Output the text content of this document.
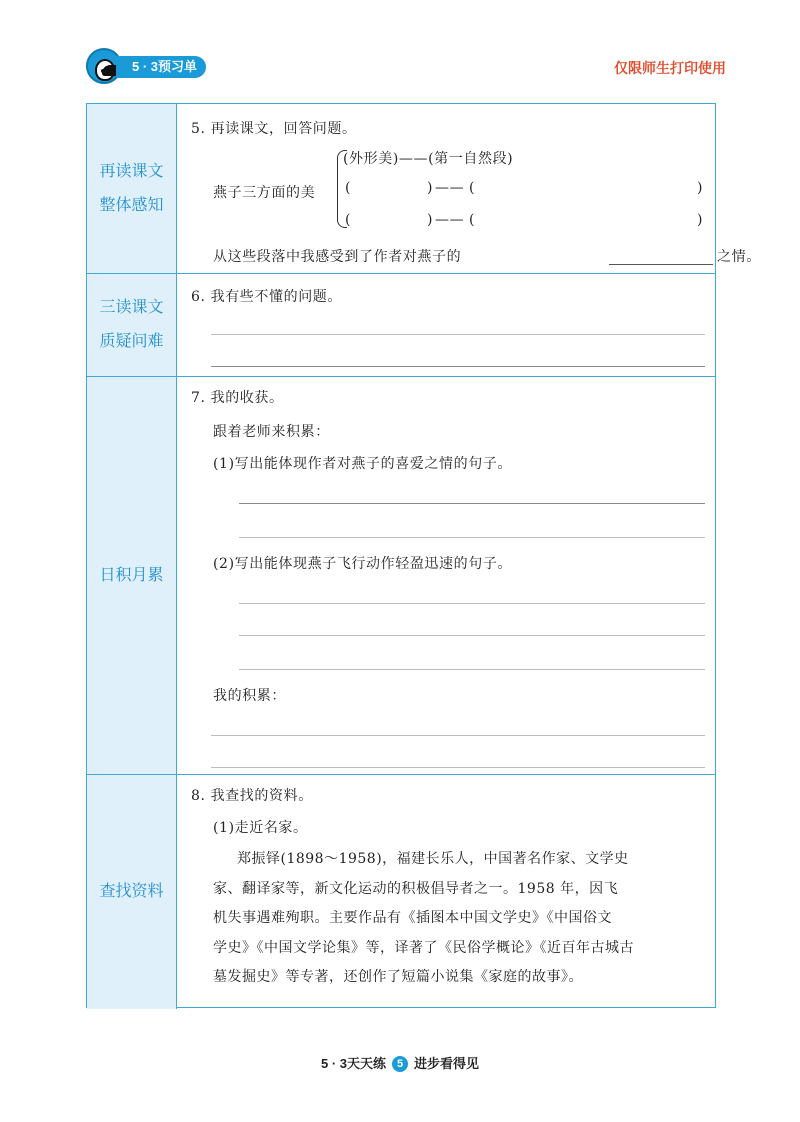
5 · 3预习单	仅限师生打印使用
再读课文
整体感知
5. 再读课文，回答问题。
燕子三方面的美
(外形美)——(第一自然段)
(	) —— (	)
(	) —— (	)
从这些段落中我感受到了作者对燕子的	之情。
三读课文
质疑问难
6. 我有些不懂的问题。
日积月累
7. 我的收获。
跟着老师来积累：
(1)写出能体现作者对燕子的喜爱之情的句子。
(2)写出能体现燕子飞行动作轻盈迅速的句子。
我的积累：
查找资料
8. 我查找的资料。
(1)走近名家。
郑振铎(1898～1958)，福建长乐人，中国著名作家、文学史
家、翻译家等，新文化运动的积极倡导者之一。1958 年，因飞
机失事遇难殉职。主要作品有《插图本中国文学史》《中国俗文
学史》《中国文学论集》等，译著了《民俗学概论》《近百年古城古
墓发掘史》等专著，还创作了短篇小说集《家庭的故事》。
5 · 3天天练 5 进步看得见
